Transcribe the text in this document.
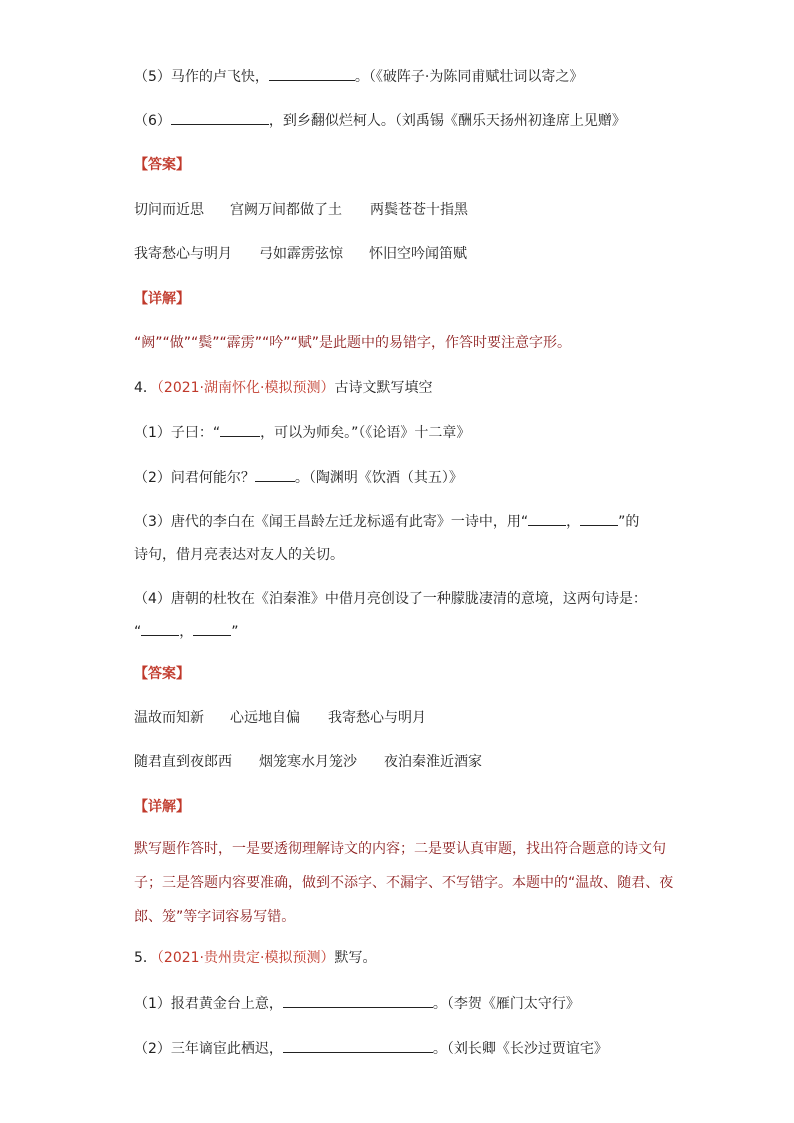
（5）马作的卢飞快，	。（《破阵子·为陈同甫赋壮词以寄之》
（6）	，到乡翻似烂柯人。（刘禹锡《酬乐天扬州初逢席上见赠》
【答案】
切问而近思 宫阙万间都做了土 两鬓苍苍十指黑
我寄愁心与明月 弓如霹雳弦惊 怀旧空吟闻笛赋
【详解】
“阙”“做”“鬓”“霹雳”“吟”“赋”是此题中的易错字，作答时要注意字形。
4．（2021·湖南怀化·模拟预测）古诗文默写填空
（1）子曰：“	，可以为师矣。”（《论语》十二章》
（2）问君何能尔？	。（陶渊明《饮酒（其五）》
（3）唐代的李白在《闻王昌龄左迁龙标遥有此寄》一诗中，用“	，	”的
诗句，借月亮表达对友人的关切。
（4）唐朝的杜牧在《泊秦淮》中借月亮创设了一种朦胧凄清的意境，这两句诗是：
“	，	”
【答案】
温故而知新 心远地自偏 我寄愁心与明月
随君直到夜郎西 烟笼寒水月笼沙 夜泊秦淮近酒家
【详解】
默写题作答时，一是要透彻理解诗文的内容；二是要认真审题，找出符合题意的诗文句子；三是答题内容要准确，做到不添字、不漏字、不写错字。本题中的“温故、随君、夜郎、笼”等字词容易写错。
5．（2021·贵州贵定·模拟预测）默写。
（1）报君黄金台上意，	。（李贺《雁门太守行》
（2）三年谪宦此栖迟，	。（刘长卿《长沙过贾谊宅》
